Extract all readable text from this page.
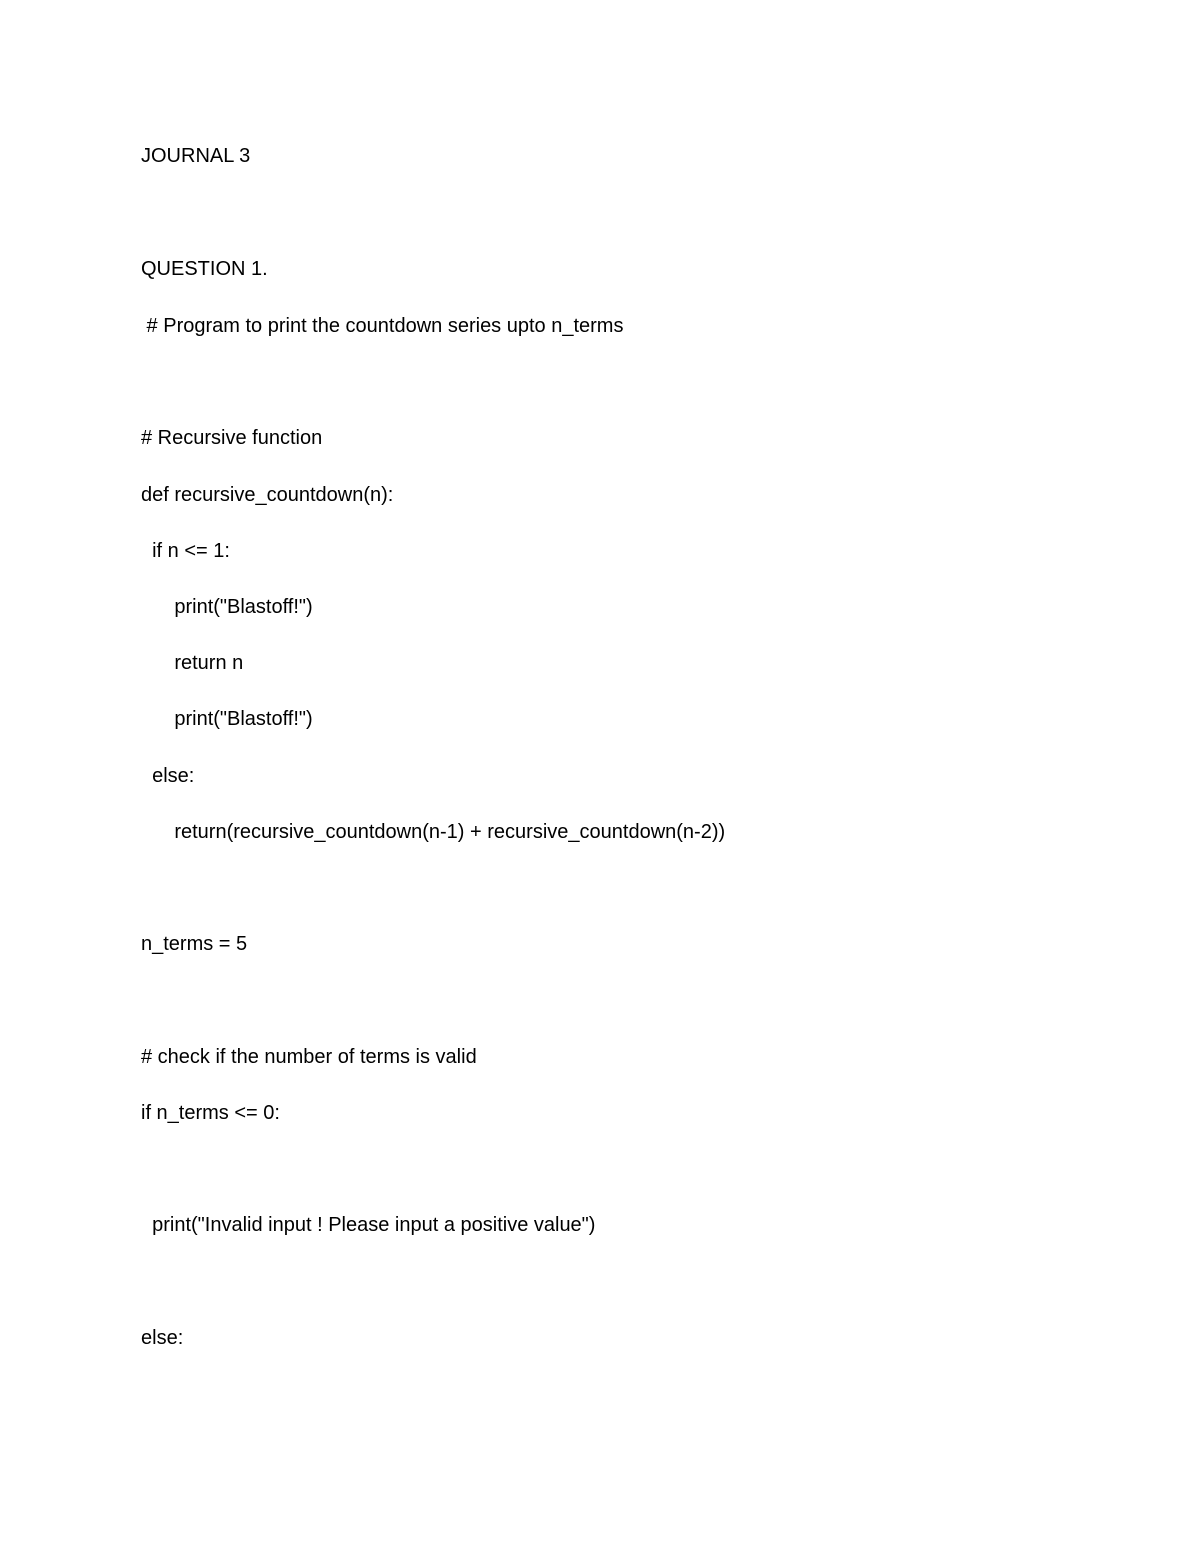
JOURNAL 3
QUESTION 1.
# Program to print the countdown series upto n_terms
# Recursive function
def recursive_countdown(n):
if n <= 1:
print("Blastoff!")
return n
print("Blastoff!")
else:
return(recursive_countdown(n-1) + recursive_countdown(n-2))
n_terms = 5
# check if the number of terms is valid
if n_terms <= 0:
print("Invalid input ! Please input a positive value")
else:
